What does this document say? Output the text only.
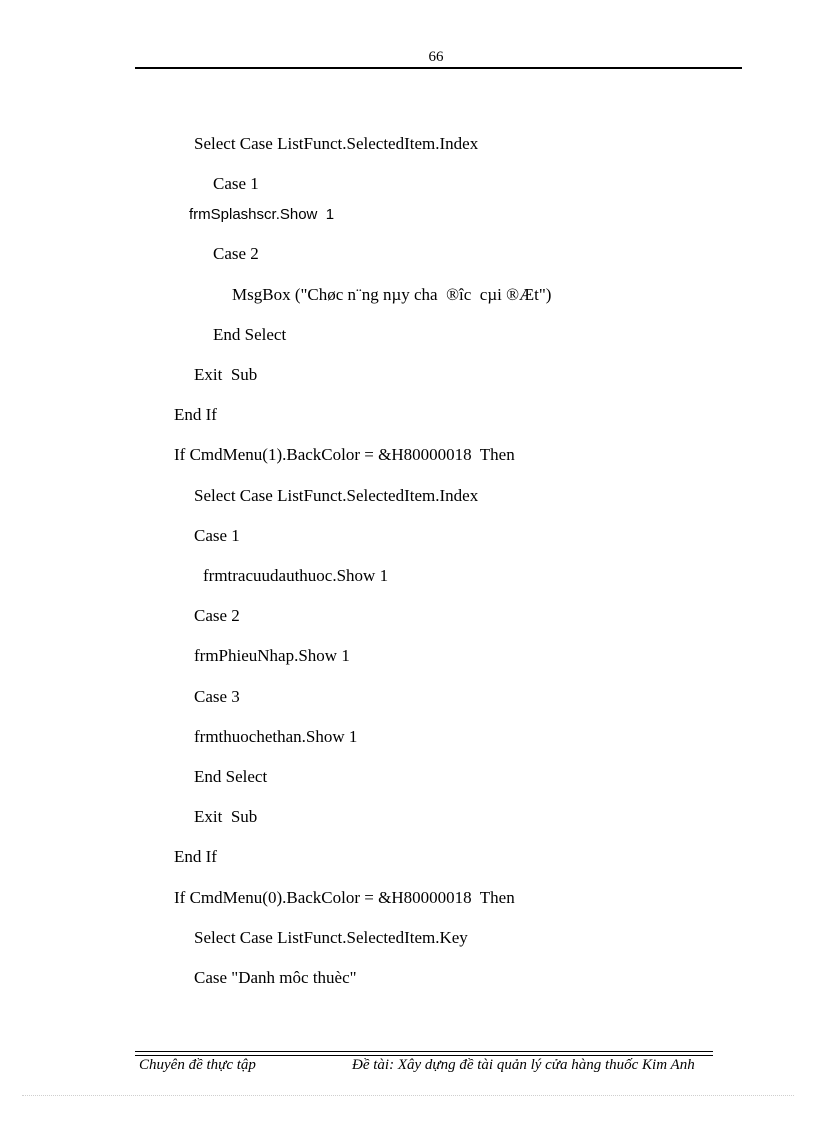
66
Select Case ListFunct.SelectedItem.Index
Case 1
frmSplashscr.Show  1
Case 2
MsgBox ("Chøc n¨ng nµy cha  ®îc  cµi ®Æt")
End Select
Exit  Sub
End If
If CmdMenu(1).BackColor = &H80000018  Then
Select Case ListFunct.SelectedItem.Index
Case 1
frmtracuudauthuoc.Show 1
Case 2
frmPhieuNhap.Show 1
Case 3
frmthuochethan.Show 1
End Select
Exit  Sub
End If
If CmdMenu(0).BackColor = &H80000018  Then
Select Case ListFunct.SelectedItem.Key
Case "Danh môc thuèc"
Chuyên đề thực tập	Đề tài: Xây dựng đề tài quản lý cửa hàng thuốc Kim Anh
